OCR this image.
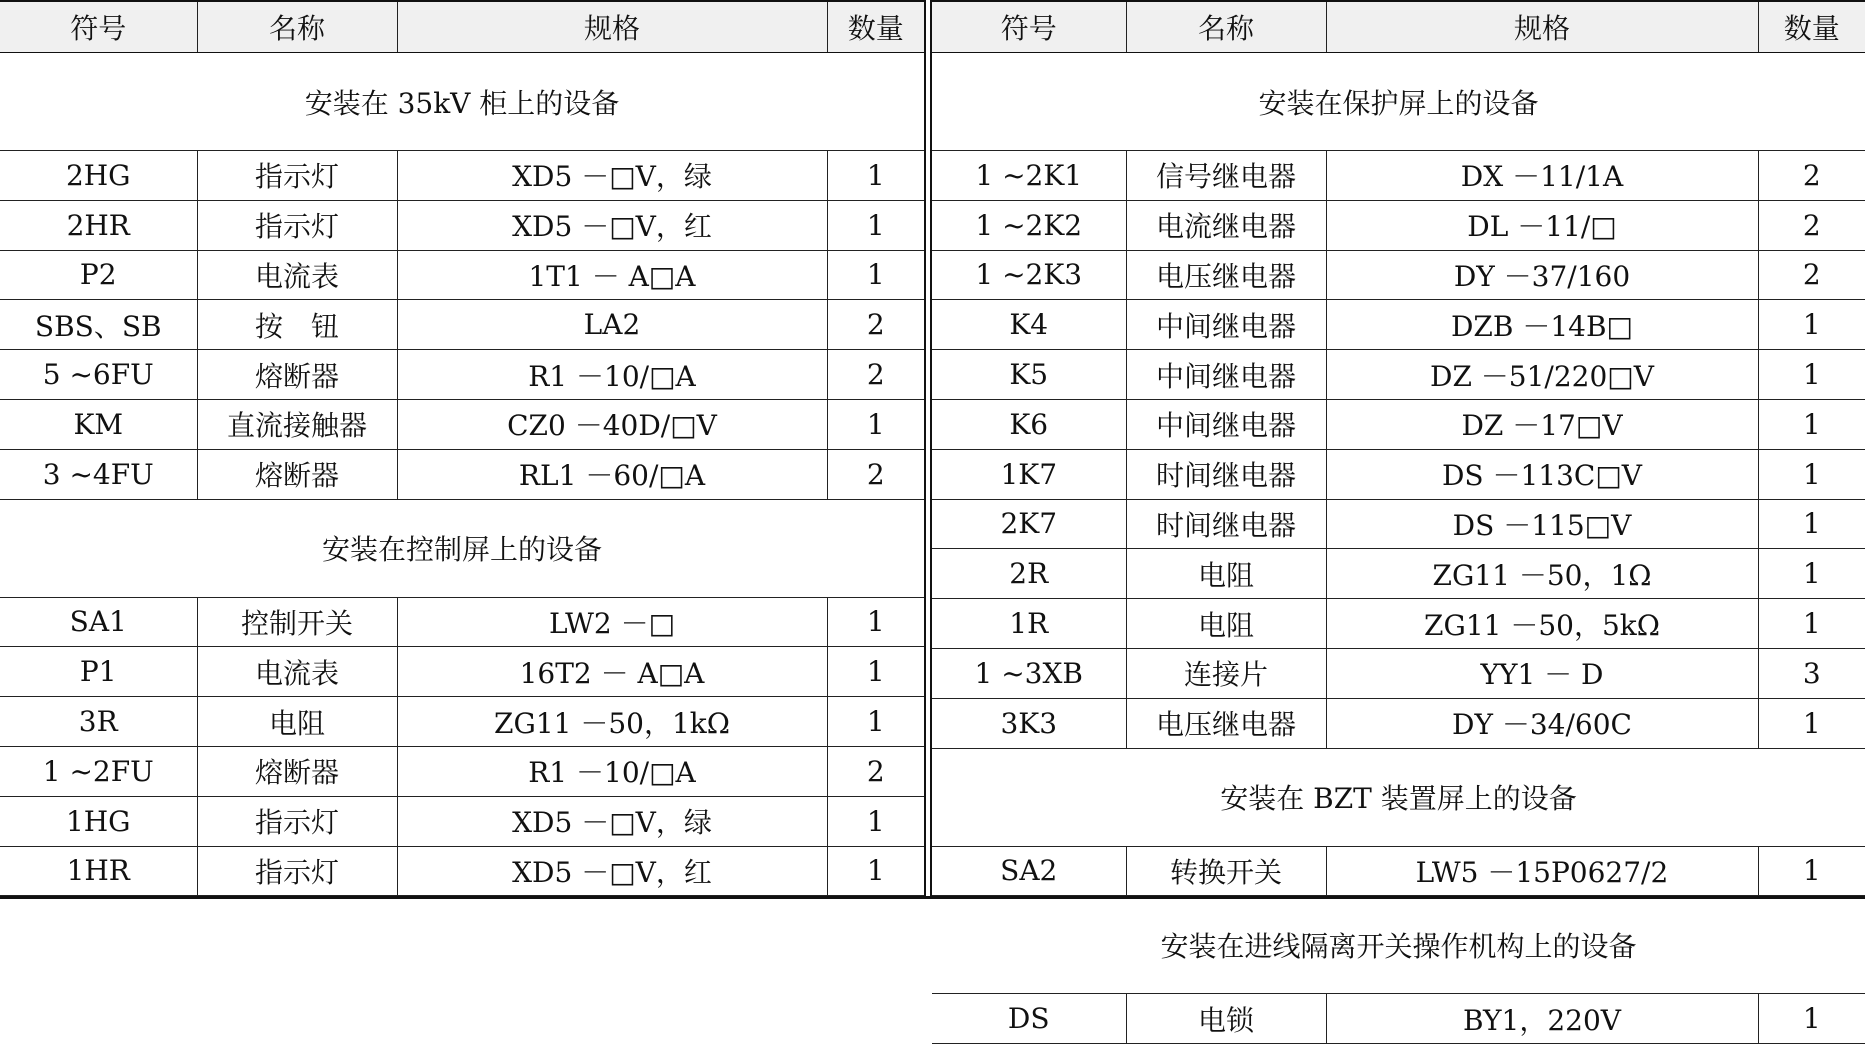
符号	名称	规格	数量
安装在 35kV 柜上的设备			
2HG	指示灯	XD5 －□V，绿	1
2HR	指示灯	XD5 －□V，红	1
P2	电流表	1T1 － A□A	1
SBS、SB	按　钮	LA2	2
5 ~6FU	熔断器	R1 －10/□A	2
KM	直流接触器	CZ0 －40D/□V	1
3 ~4FU	熔断器	RL1 －60/□A	2
安装在控制屏上的设备			
SA1	控制开关	LW2 －□	1
P1	电流表	16T2 － A□A	1
3R	电阻	ZG11 －50，1kΩ	1
1 ~2FU	熔断器	R1 －10/□A	2
1HG	指示灯	XD5 －□V，绿	1
1HR	指示灯	XD5 －□V，红	1
符号	名称	规格	数量
安装在保护屏上的设备			
1 ~2K1	信号继电器	DX －11/1A	2
1 ~2K2	电流继电器	DL －11/□	2
1 ~2K3	电压继电器	DY －37/160	2
K4	中间继电器	DZB －14B□	1
K5	中间继电器	DZ －51/220□V	1
K6	中间继电器	DZ －17□V	1
1K7	时间继电器	DS －113C□V	1
2K7	时间继电器	DS －115□V	1
2R	电阻	ZG11 －50，1Ω	1
1R	电阻	ZG11 －50，5kΩ	1
1 ~3XB	连接片	YY1 － D	3
3K3	电压继电器	DY －34/60C	1
安装在 BZT 装置屏上的设备			
SA2	转换开关	LW5 －15P0627/2	1
安装在进线隔离开关操作机构上的设备			
DS	电锁	BY1，220V	1
